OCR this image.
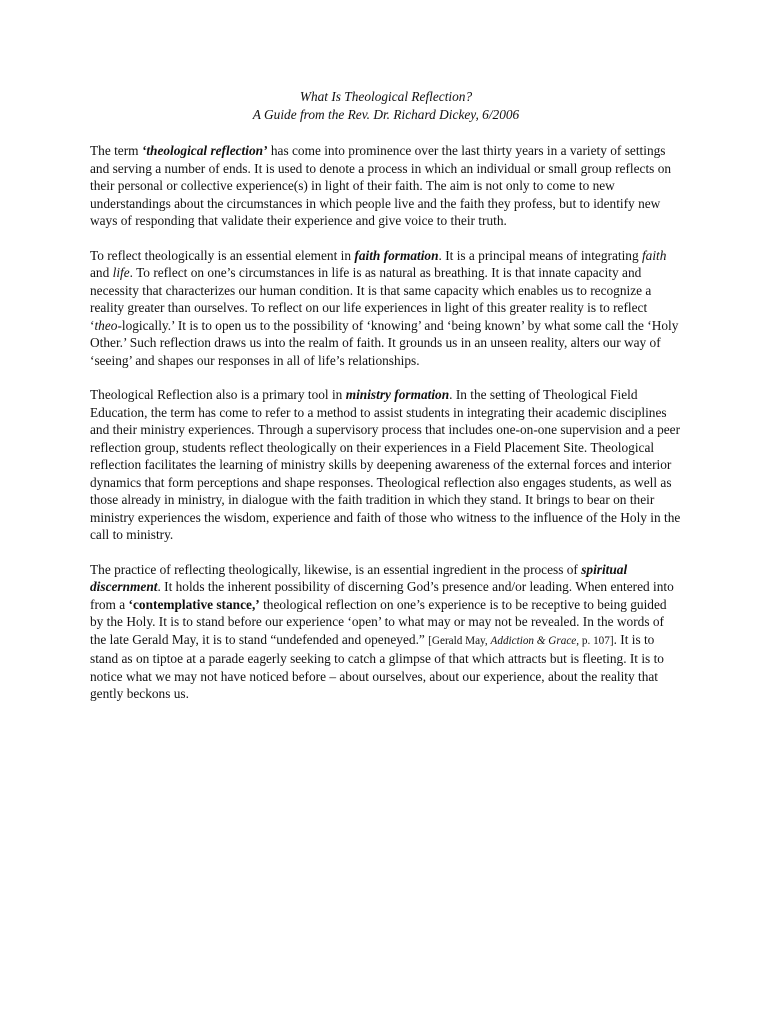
What Is Theological Reflection?

A Guide from the Rev. Dr. Richard Dickey, 6/2006

The term ‘theological reflection’ has come into prominence over the last thirty years in a variety of settings and serving a number of ends. It is used to denote a process in which an individual or small group reflects on their personal or collective experience(s) in light of their faith. The aim is not only to come to new understandings about the circumstances in which people live and the faith they profess, but to identify new ways of responding that validate their experience and give voice to their truth.

To reflect theologically is an essential element in faith formation. It is a principal means of integrating faith and life. To reflect on one’s circumstances in life is as natural as breathing. It is that innate capacity and necessity that characterizes our human condition. It is that same capacity which enables us to recognize a reality greater than ourselves. To reflect on our life experiences in light of this greater reality is to reflect ‘theo-logically.’ It is to open us to the possibility of ‘knowing’ and ‘being known’ by what some call the ‘Holy Other.’ Such reflection draws us into the realm of faith. It grounds us in an unseen reality, alters our way of ‘seeing’ and shapes our responses in all of life’s relationships.

Theological Reflection also is a primary tool in ministry formation. In the setting of Theological Field Education, the term has come to refer to a method to assist students in integrating their academic disciplines and their ministry experiences. Through a supervisory process that includes one-on-one supervision and a peer reflection group, students reflect theologically on their experiences in a Field Placement Site. Theological reflection facilitates the learning of ministry skills by deepening awareness of the external forces and interior dynamics that form perceptions and shape responses. Theological reflection also engages students, as well as those already in ministry, in dialogue with the faith tradition in which they stand. It brings to bear on their ministry experiences the wisdom, experience and faith of those who witness to the influence of the Holy in the call to ministry.

The practice of reflecting theologically, likewise, is an essential ingredient in the process of spiritual discernment. It holds the inherent possibility of discerning God’s presence and/or leading. When entered into from a ‘contemplative stance,’ theological reflection on one’s experience is to be receptive to being guided by the Holy. It is to stand before our experience ‘open’ to what may or may not be revealed. In the words of the late Gerald May, it is to stand “undefended and openeyed.” [Gerald May, Addiction & Grace, p. 107]. It is to stand as on tiptoe at a parade eagerly seeking to catch a glimpse of that which attracts but is fleeting. It is to notice what we may not have noticed before – about ourselves, about our experience, about the reality that gently beckons us.
